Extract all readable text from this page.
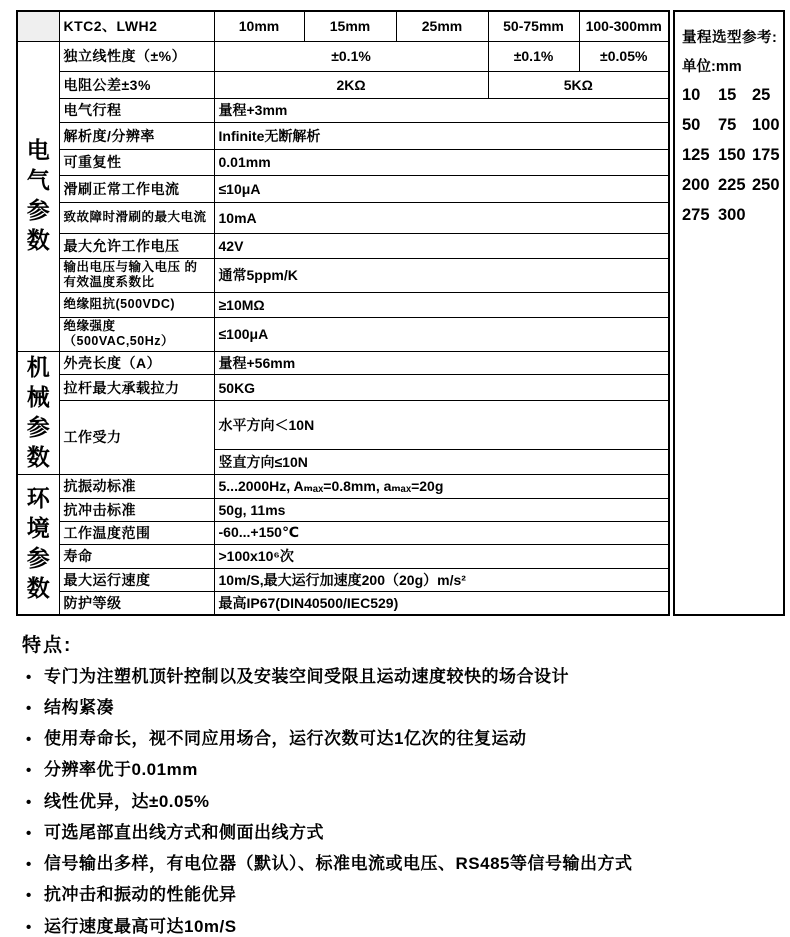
	KTC2、LWH2	10mm	15mm	25mm	50-75mm	100-300mm

电气参数	独立线性度（±%）	±0.1%			±0.1%	±0.05%
	电阻公差±3%	2KΩ			5KΩ	
	电气行程	量程+3mm				
	解析度/分辨率	Infinite无断解析				
	可重复性	0.01mm				
	滑刷正常工作电流	≤10μA				
	致故障时滑刷的最大电流	10mA				
	最大允许工作电压	42V				
	输出电压与输入电压 的有效温度系数比	通常5ppm/K				
	绝缘阻抗(500VDC)	≥10MΩ				
	绝缘强度（500VAC,50Hz）	≤100μA				

机械参数	外壳长度（A）	量程+56mm				
	拉杆最大承载拉力	50KG				
	工作受力	水平方向＜10N				
		竖直方向≤10N				

环境参数	抗振动标准	5...2000Hz, Aₘₐₓ=0.8mm, aₘₐₓ=20g				
	抗冲击标准	50g, 11ms				
	工作温度范围	-60...+150℃				
	寿命	>100x10⁶次				
	最大运行速度	10m/S,最大运行加速度200（20g）m/s²				
	防护等级	最高IP67(DIN40500/IEC529)				
量程选型参考:
单位:mm
10	15 25
50	75 100
125 150 175
200 225 250
275 300
特点:
• 专门为注塑机顶针控制以及安装空间受限且运动速度较快的场合设计
• 结构紧凑
• 使用寿命长，视不同应用场合，运行次数可达1亿次的往复运动
• 分辨率优于0.01mm
• 线性优异，达±0.05%
• 可选尾部直出线方式和侧面出线方式
• 信号输出多样，有电位器（默认）、标准电流或电压、RS485等信号输出方式
• 抗冲击和振动的性能优异
• 运行速度最高可达10m/S
